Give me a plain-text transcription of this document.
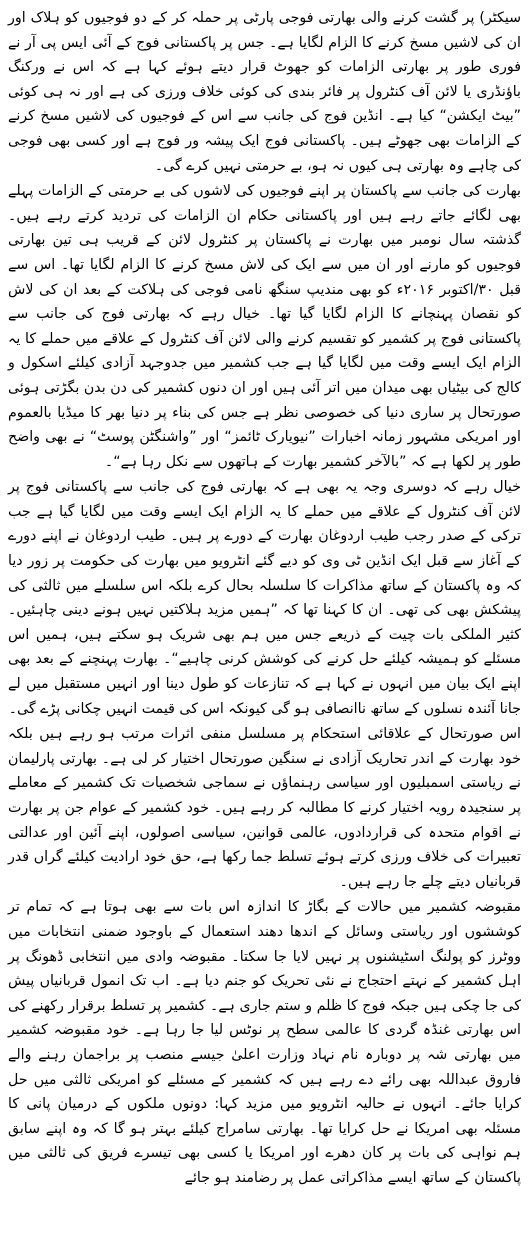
سیکٹر) پر گشت کرنے والی بھارتی فوجی پارٹی پر حملہ کر کے دو فوجیوں کو ہلاک اور ان کی لاشیں مسخ کرنے کا الزام لگایا ہے۔ جس پر پاکستانی فوج کے آئی ایس پی آر نے فوری طور پر بھارتی الزامات کو جھوٹ قرار دیتے ہوئے کہا ہے کہ اس نے ورکنگ باؤنڈری یا لائن آف کنٹرول پر فائر بندی کی کوئی خلاف ورزی کی ہے اور نہ ہی کوئی ”بیٹ ایکشن“ کیا ہے۔ انڈین فوج کی جانب سے اس کے فوجیوں کی لاشیں مسخ کرنے کے الزامات بھی جھوٹے ہیں۔ پاکستانی فوج ایک پیشہ ور فوج ہے اور کسی بھی فوجی کی چاہے وہ بھارتی ہی کیوں نہ ہو، بے حرمتی نہیں کرے گی۔

بھارت کی جانب سے پاکستان پر اپنے فوجیوں کی لاشوں کی بے حرمتی کے الزامات پہلے بھی لگائے جاتے رہے ہیں اور پاکستانی حکام ان الزامات کی تردید کرتے رہے ہیں۔ گذشتہ سال نومبر میں بھارت نے پاکستان پر کنٹرول لائن کے قریب ہی تین بھارتی فوجیوں کو مارنے اور ان میں سے ایک کی لاش مسخ کرنے کا الزام لگایا تھا۔ اس سے قبل ۳۰/اکتوبر ۲۰۱۶ء کو بھی مندیپ سنگھ نامی فوجی کی ہلاکت کے بعد ان کی لاش کو نقصان پہنچانے کا الزام لگایا گیا تھا۔ خیال رہے کہ بھارتی فوج کی جانب سے پاکستانی فوج پر کشمیر کو تقسیم کرنے والی لائن آف کنٹرول کے علاقے میں حملے کا یہ الزام ایک ایسے وقت میں لگایا گیا ہے جب کشمیر میں جدوجہد آزادی کیلئے اسکول و کالج کی بیٹیاں بھی میدان میں اتر آئی ہیں اور ان دنوں کشمیر کی دن بدن بگڑتی ہوئی صورتحال پر ساری دنیا کی خصوصی نظر ہے جس کی بناء پر دنیا بھر کا میڈیا بالعموم اور امریکی مشہور زمانہ اخبارات ”نیویارک ٹائمز“ اور ”واشنگٹن پوسٹ“ نے بھی واضح طور پر لکھا ہے کہ ”بالآخر کشمیر بھارت کے ہاتھوں سے نکل رہا ہے“۔

خیال رہے کہ دوسری وجہ یہ بھی ہے کہ بھارتی فوج کی جانب سے پاکستانی فوج پر لائن آف کنٹرول کے علاقے میں حملے کا یہ الزام ایک ایسے وقت میں لگایا گیا ہے جب ترکی کے صدر رجب طیب اردوغان بھارت کے دورے پر ہیں۔ طیب اردوغان نے اپنے دورے کے آغاز سے قبل ایک انڈین ٹی وی کو دیے گئے انٹرویو میں بھارت کی حکومت پر زور دیا کہ وہ پاکستان کے ساتھ مذاکرات کا سلسلہ بحال کرے بلکہ اس سلسلے میں ثالثی کی پیشکش بھی کی تھی۔ ان کا کہنا تھا کہ ”ہمیں مزید ہلاکتیں نہیں ہونے دینی چاہئیں۔ کثیر الملکی بات چیت کے ذریعے جس میں ہم بھی شریک ہو سکتے ہیں، ہمیں اس مسئلے کو ہمیشہ کیلئے حل کرنے کی کوشش کرنی چاہیے“۔ بھارت پہنچنے کے بعد بھی اپنے ایک بیان میں انہوں نے کہا ہے کہ تنازعات کو طول دینا اور انہیں مستقبل میں لے جانا آئندہ نسلوں کے ساتھ ناانصافی ہو گی کیونکہ اس کی قیمت انہیں چکانی پڑے گی۔

اس صورتحال کے علاقائی استحکام پر مسلسل منفی اثرات مرتب ہو رہے ہیں بلکہ خود بھارت کے اندر تحاریک آزادی نے سنگین صورتحال اختیار کر لی ہے۔ بھارتی پارلیمان نے ریاستی اسمبلیوں اور سیاسی رہنماؤں نے سماجی شخصیات تک کشمیر کے معاملے پر سنجیدہ رویہ اختیار کرنے کا مطالبہ کر رہے ہیں۔ خود کشمیر کے عوام جن پر بھارت نے اقوام متحدہ کی قراردادوں، عالمی قوانین، سیاسی اصولوں، اپنے آئین اور عدالتی تعبیرات کی خلاف ورزی کرتے ہوئے تسلط جما رکھا ہے، حق خود ارادیت کیلئے گراں قدر قربانیاں دیتے چلے جا رہے ہیں۔

مقبوضہ کشمیر میں حالات کے بگاڑ کا اندازہ اس بات سے بھی ہوتا ہے کہ تمام تر کوششوں اور ریاستی وسائل کے اندھا دھند استعمال کے باوجود ضمنی انتخابات میں ووٹرز کو پولنگ اسٹیشنوں پر نہیں لایا جا سکتا۔ مقبوضہ وادی میں انتخابی ڈھونگ پر اہل کشمیر کے نہتے احتجاج نے نئی تحریک کو جنم دیا ہے۔ اب تک انمول قربانیاں پیش کی جا چکی ہیں جبکہ فوج کا ظلم و ستم جاری ہے۔ کشمیر پر تسلط برقرار رکھنے کی اس بھارتی غنڈہ گردی کا عالمی سطح پر نوٹس لیا جا رہا ہے۔ خود مقبوضہ کشمیر میں بھارتی شہ پر دوبارہ نام نہاد وزارت اعلیٰ جیسے منصب پر براجمان رہنے والے فاروق عبداللہ بھی رائے دے رہے ہیں کہ کشمیر کے مسئلے کو امریکی ثالثی میں حل کرایا جائے۔ انہوں نے حالیہ انٹرویو میں مزید کہا: دونوں ملکوں کے درمیان پانی کا مسئلہ بھی امریکا نے حل کرایا تھا۔ بھارتی سامراج کیلئے بہتر ہو گا کہ وہ اپنے سابق ہم نواہی کی بات پر کان دھرے اور امریکا یا کسی بھی تیسرے فریق کی ثالثی میں پاکستان کے ساتھ ایسے مذاکراتی عمل پر رضامند ہو جائے
